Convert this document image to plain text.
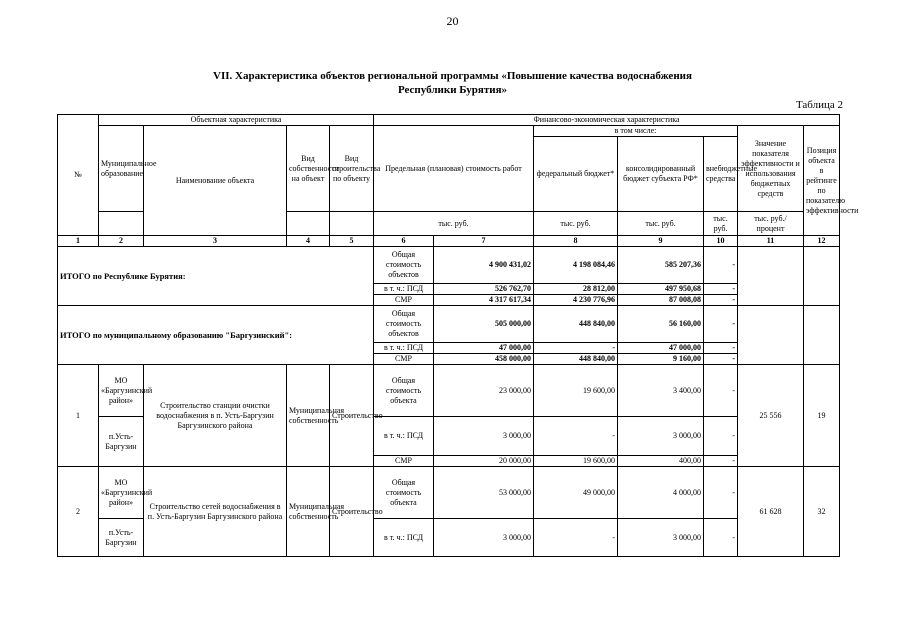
20
VII. Характеристика объектов региональной программы «Повышение качества водоснабжения
Республики Бурятия»
Таблица 2
№	Объектная характеристика				Финансово-экономическая характеристика						
	Муниципальное образование	Наименование объекта	Вид собственности на объект	Вид строительства по объекту	Предельная (плановая) стоимость работ		в том числе:			Значение показателя эффективности и использования бюджетных средств	Позиция объекта в рейтинге по показателю эффективности
							федеральный бюджет*	консолидированный бюджет субъекта РФ*	внебюджетные средства		
					тыс. руб.		тыс. руб.	тыс. руб.	тыс. руб.	тыс. руб./ процент	
1	2	3	4	5	6	7	8	9	10	11	12
ИТОГО по Республике Бурятия:					Общая стоимость объектов	4 900 431,02	4 198 084,46	585 207,36	-		
					в т. ч.: ПСД	526 762,70	28 812,00	497 950,68	-		
					СМР	4 317 617,34	4 230 776,96	87 008,08	-		
ИТОГО по муниципальному образованию "Баргузинский":					Общая стоимость объектов	505 000,00	448 840,00	56 160,00	-		
					в т. ч.: ПСД	47 000,00	-	47 000,00	-		
					СМР	458 000,00	448 840,00	9 160,00	-		
1	МО «Баргузинский район»	Строительство станции очистки водоснабжения в п. Усть-Баргузин Баргузинского района	Муниципальная собственность	Строительство	Общая стоимость объекта	23 000,00	19 600,00	3 400,00	-	25 556	19
	п.Усть-Баргузин				в т. ч.: ПСД	3 000,00	-	3 000,00	-		
					СМР	20 000,00	19 600,00	400,00	-		
2	МО «Баргузинский район»	Строительство сетей водоснабжения в п. Усть-Баргузин Баргузинского района	Муниципальная собственность	Строительство	Общая стоимость объекта	53 000,00	49 000,00	4 000,00	-	61 628	32
	п.Усть-Баргузин				в т. ч.: ПСД	3 000,00	-	3 000,00	-		
